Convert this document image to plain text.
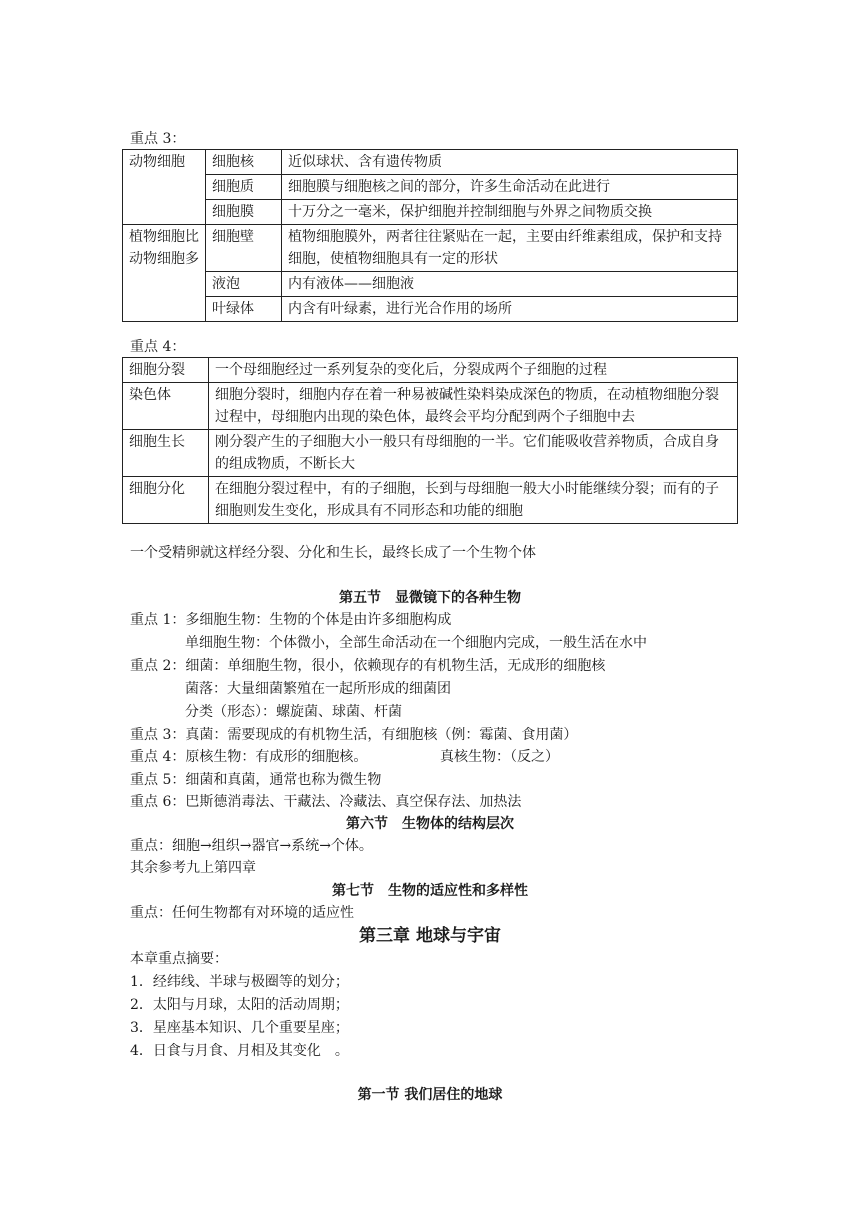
重点 3：
动物细胞	细胞核	近似球状、含有遗传物质
	细胞质	细胞膜与细胞核之间的部分，许多生命活动在此进行
	细胞膜	十万分之一毫米，保护细胞并控制细胞与外界之间物质交换
植物细胞比动物细胞多	细胞壁	植物细胞膜外，两者往往紧贴在一起，主要由纤维素组成，保护和支持细胞，使植物细胞具有一定的形状
	液泡	内有液体——细胞液
	叶绿体	内含有叶绿素，进行光合作用的场所
重点 4：
细胞分裂	一个母细胞经过一系列复杂的变化后，分裂成两个子细胞的过程
染色体	细胞分裂时，细胞内存在着一种易被碱性染料染成深色的物质，在动植物细胞分裂过程中，母细胞内出现的染色体，最终会平均分配到两个子细胞中去
细胞生长	刚分裂产生的子细胞大小一般只有母细胞的一半。它们能吸收营养物质，合成自身的组成物质，不断长大
细胞分化	在细胞分裂过程中，有的子细胞，长到与母细胞一般大小时能继续分裂；而有的子细胞则发生变化，形成具有不同形态和功能的细胞
一个受精卵就这样经分裂、分化和生长，最终长成了一个生物个体
第五节　显微镜下的各种生物
重点 1：多细胞生物：生物的个体是由许多细胞构成
单细胞生物：个体微小，全部生命活动在一个细胞内完成，一般生活在水中
重点 2：细菌：单细胞生物，很小，依赖现存的有机物生活，无成形的细胞核
菌落：大量细菌繁殖在一起所形成的细菌团
分类（形态）：螺旋菌、球菌、杆菌
重点 3：真菌：需要现成的有机物生活，有细胞核（例：霉菌、食用菌）
重点 4：原核生物：有成形的细胞核。	真核生物：（反之）
重点 5：细菌和真菌，通常也称为微生物
重点 6：巴斯德消毒法、干藏法、冷藏法、真空保存法、加热法
第六节　生物体的结构层次
重点：细胞→组织→器官→系统→个体。
其余参考九上第四章
第七节　生物的适应性和多样性
重点：任何生物都有对环境的适应性
第三章 地球与宇宙
本章重点摘要：
1．经纬线、半球与极圈等的划分；
2．太阳与月球，太阳的活动周期；
3．星座基本知识、几个重要星座；
4．日食与月食、月相及其变化　。
第一节 我们居住的地球
